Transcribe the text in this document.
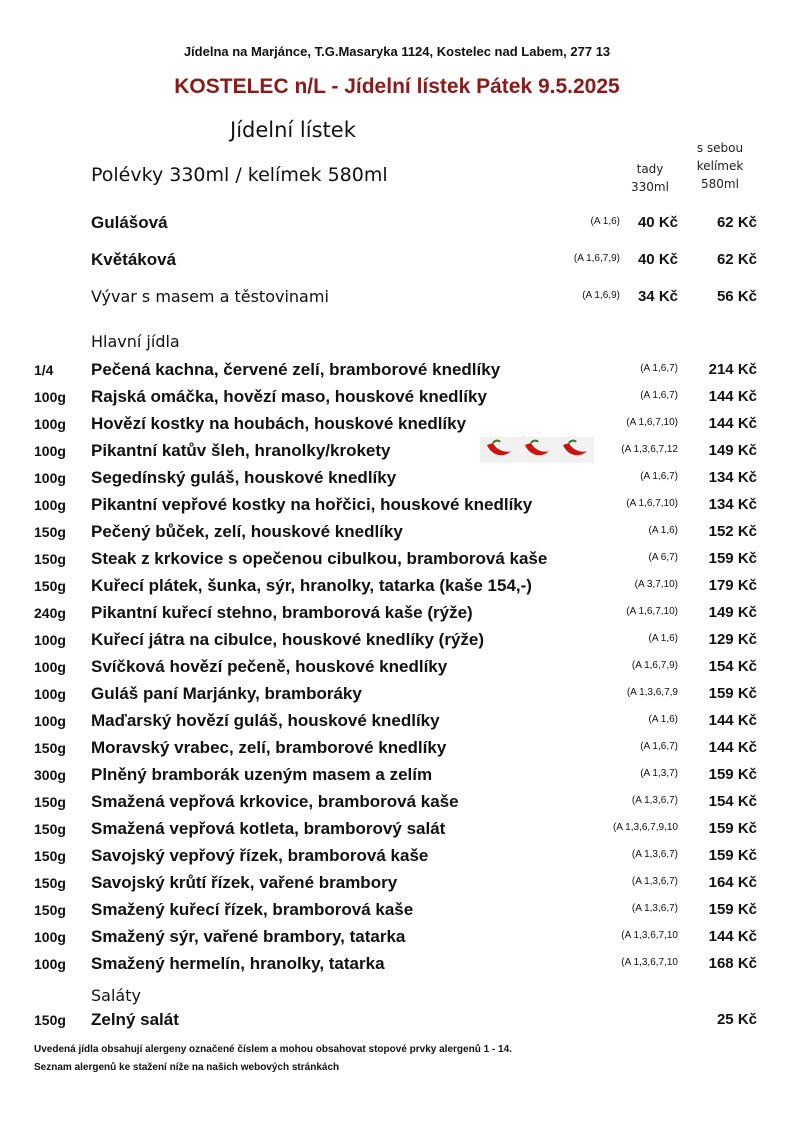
Jídelna na Marjánce, T.G.Masaryka 1124, Kostelec nad Labem, 277 13
KOSTELEC n/L - Jídelní lístek Pátek 9.5.2025
Jídelní lístek
Polévky 330ml / kelímek 580ml	tady
330ml
s sebou
kelímek
580ml
Gulášová	(A 1,6) 40 Kč	62 Kč
Květáková	(A 1,6,7,9) 40 Kč	62 Kč
Vývar s masem a těstovinami	(A 1,6,9) 34 Kč	56 Kč
Hlavní jídla
1/4 Pečená kachna, červené zelí, bramborové knedlíky	(A 1,6,7) 214 Kč
100g Rajská omáčka, hovězí maso, houskové knedlíky	(A 1,6,7) 144 Kč
100g Hovězí kostky na houbách, houskové knedlíky	(A 1,6,7,10) 144 Kč
100g Pikantní katův šleh, hranolky/krokety	(A 1,3,6,7,12 149 Kč
100g Segedínský guláš, houskové knedlíky	(A 1,6,7) 134 Kč
100g Pikantní vepřové kostky na hořčici, houskové knedlíky	(A 1,6,7,10) 134 Kč
150g Pečený bůček, zelí, houskové knedlíky	(A 1,6) 152 Kč
150g Steak z krkovice s opečenou cibulkou, bramborová kaše	(A 6,7) 159 Kč
150g Kuřecí plátek, šunka, sýr, hranolky, tatarka (kaše 154,-)	(A 3,7,10) 179 Kč
240g Pikantní kuřecí stehno, bramborová kaše (rýže)	(A 1,6,7,10) 149 Kč
100g Kuřecí játra na cibulce, houskové knedlíky (rýže)	(A 1,6) 129 Kč
100g Svíčková hovězí pečeně, houskové knedlíky	(A 1,6,7,9) 154 Kč
100g Guláš paní Marjánky, bramboráky	(A 1,3,6,7,9 159 Kč
100g Maďarský hovězí guláš, houskové knedlíky	(A 1,6) 144 Kč
150g Moravský vrabec, zelí, bramborové knedlíky	(A 1,6,7) 144 Kč
300g Plněný bramborák uzeným masem a zelím	(A 1,3,7) 159 Kč
150g Smažená vepřová krkovice, bramborová kaše	(A 1,3,6,7) 154 Kč
150g Smažená vepřová kotleta, bramborový salát	(A 1,3,6,7,9,10 159 Kč
150g Savojský vepřový řízek, bramborová kaše	(A 1,3,6,7) 159 Kč
150g Savojský krůtí řízek, vařené brambory	(A 1,3,6,7) 164 Kč
150g Smažený kuřecí řízek, bramborová kaše	(A 1,3,6,7) 159 Kč
100g Smažený sýr, vařené brambory, tatarka	(A 1,3,6,7,10 144 Kč
100g Smažený hermelín, hranolky, tatarka	(A 1,3,6,7,10 168 Kč
Saláty
150g Zelný salát	25 Kč
Uvedená jídla obsahují alergeny označené číslem a mohou obsahovat stopové prvky alergenů 1 - 14.
Seznam alergenů ke stažení níže na našich webových stránkách
